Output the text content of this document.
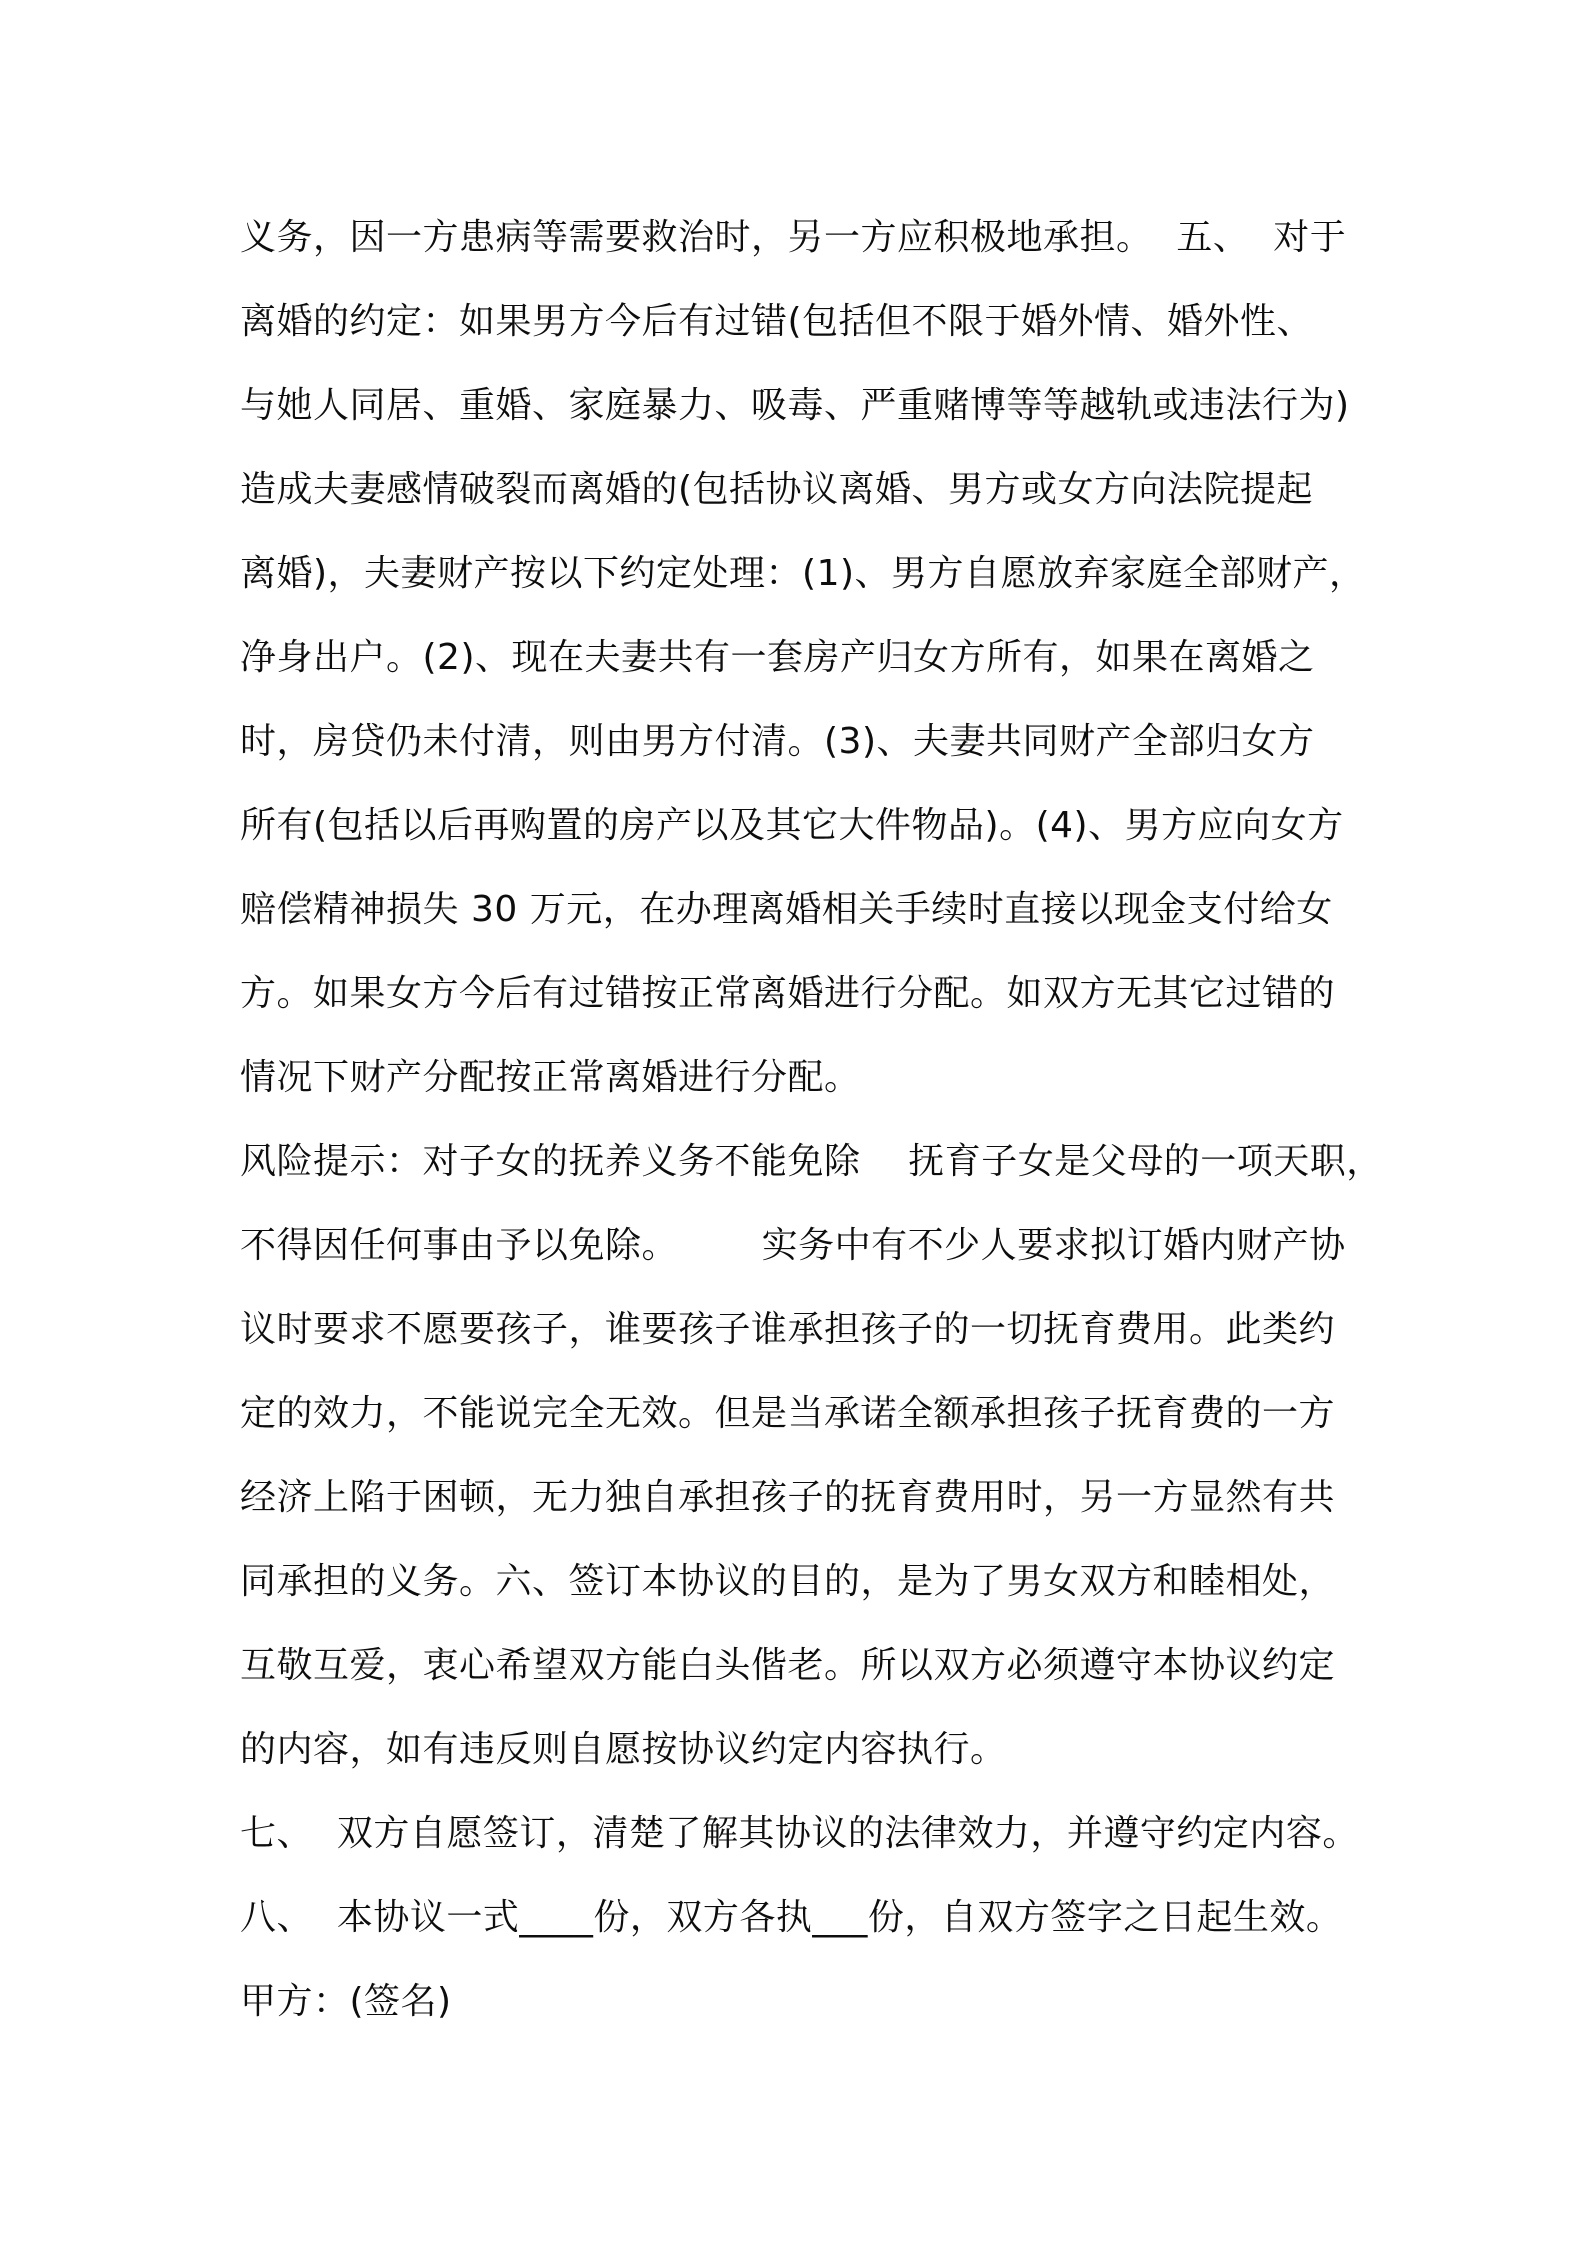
义务，因一方患病等需要救治时，另一方应积极地承担。  五、  对于
离婚的约定：如果男方今后有过错(包括但不限于婚外情、婚外性、
与她人同居、重婚、家庭暴力、吸毒、严重赌博等等越轨或违法行为)
造成夫妻感情破裂而离婚的(包括协议离婚、男方或女方向法院提起
离婚)，夫妻财产按以下约定处理：(1)、男方自愿放弃家庭全部财产，
净身出户。(2)、现在夫妻共有一套房产归女方所有，如果在离婚之
时，房贷仍未付清，则由男方付清。(3)、夫妻共同财产全部归女方
所有(包括以后再购置的房产以及其它大件物品)。(4)、男方应向女方
赔偿精神损失 30 万元，在办理离婚相关手续时直接以现金支付给女
方。如果女方今后有过错按正常离婚进行分配。如双方无其它过错的
情况下财产分配按正常离婚进行分配。
风险提示：对子女的抚养义务不能免除    抚育子女是父母的一项天职，
不得因任何事由予以免除。       实务中有不少人要求拟订婚内财产协
议时要求不愿要孩子，谁要孩子谁承担孩子的一切抚育费用。此类约
定的效力，不能说完全无效。但是当承诺全额承担孩子抚育费的一方
经济上陷于困顿，无力独自承担孩子的抚育费用时，另一方显然有共
同承担的义务。六、签订本协议的目的，是为了男女双方和睦相处，
互敬互爱，衷心希望双方能白头偕老。所以双方必须遵守本协议约定
的内容，如有违反则自愿按协议约定内容执行。
七、  双方自愿签订，清楚了解其协议的法律效力，并遵守约定内容。
八、  本协议一式____份，双方各执___份，自双方签字之日起生效。
甲方：(签名)
